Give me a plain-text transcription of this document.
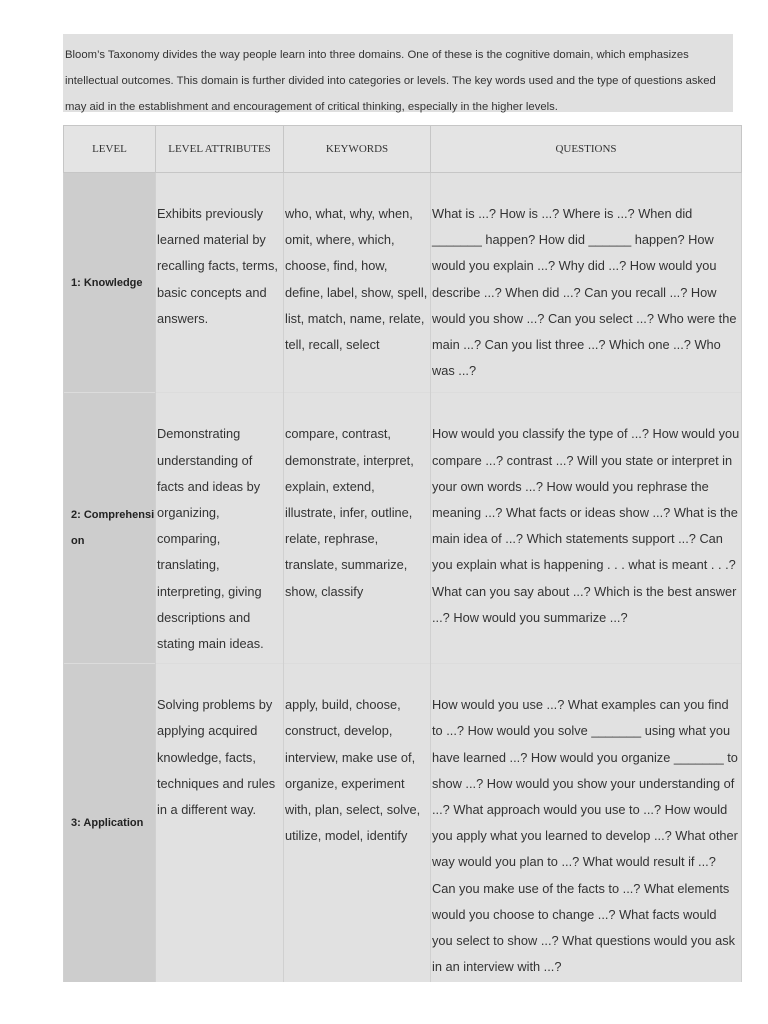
Bloom’s Taxonomy divides the way people learn into three domains. One of these is the cognitive domain, which emphasizes intellectual outcomes. This domain is further divided into categories or levels. The key words used and the type of questions asked may aid in the establishment and encouragement of critical thinking, especially in the higher levels.
LEVEL	LEVEL ATTRIBUTES	KEYWORDS	QUESTIONS
1: Knowledge	Exhibits previously learned material by recalling facts, terms, basic concepts and answers.	who, what, why, when, omit, where, which, choose, find, how, define, label, show, spell, list, match, name, relate, tell, recall, select	What is ...? How is ...? Where is ...? When did _______ happen? How did ______ happen? How would you explain ...? Why did ...? How would you describe ...? When did ...? Can you recall ...? How would you show ...? Can you select ...? Who were the main ...? Can you list three ...? Which one ...? Who was ...?
2: Comprehension	Demonstrating understanding of facts and ideas by organizing, comparing, translating, interpreting, giving descriptions and stating main ideas.	compare, contrast, demonstrate, interpret, explain, extend, illustrate, infer, outline, relate, rephrase, translate, summarize, show, classify	How would you classify the type of ...? How would you compare ...? contrast ...? Will you state or interpret in your own words ...? How would you rephrase the meaning ...? What facts or ideas show ...? What is the main idea of ...? Which statements support ...? Can you explain what is happening . . . what is meant . . .? What can you say about ...? Which is the best answer ...? How would you summarize ...?
3: Application	Solving problems by applying acquired knowledge, facts, techniques and rules in a different way.	apply, build, choose, construct, develop, interview, make use of, organize, experiment with, plan, select, solve, utilize, model, identify	How would you use ...? What examples can you find to ...? How would you solve _______ using what you have learned ...? How would you organize _______ to show ...? How would you show your understanding of ...? What approach would you use to ...? How would you apply what you learned to develop ...? What other way would you plan to ...? What would result if ...? Can you make use of the facts to ...? What elements would you choose to change ...? What facts would you select to show ...? What questions would you ask in an interview with ...?
